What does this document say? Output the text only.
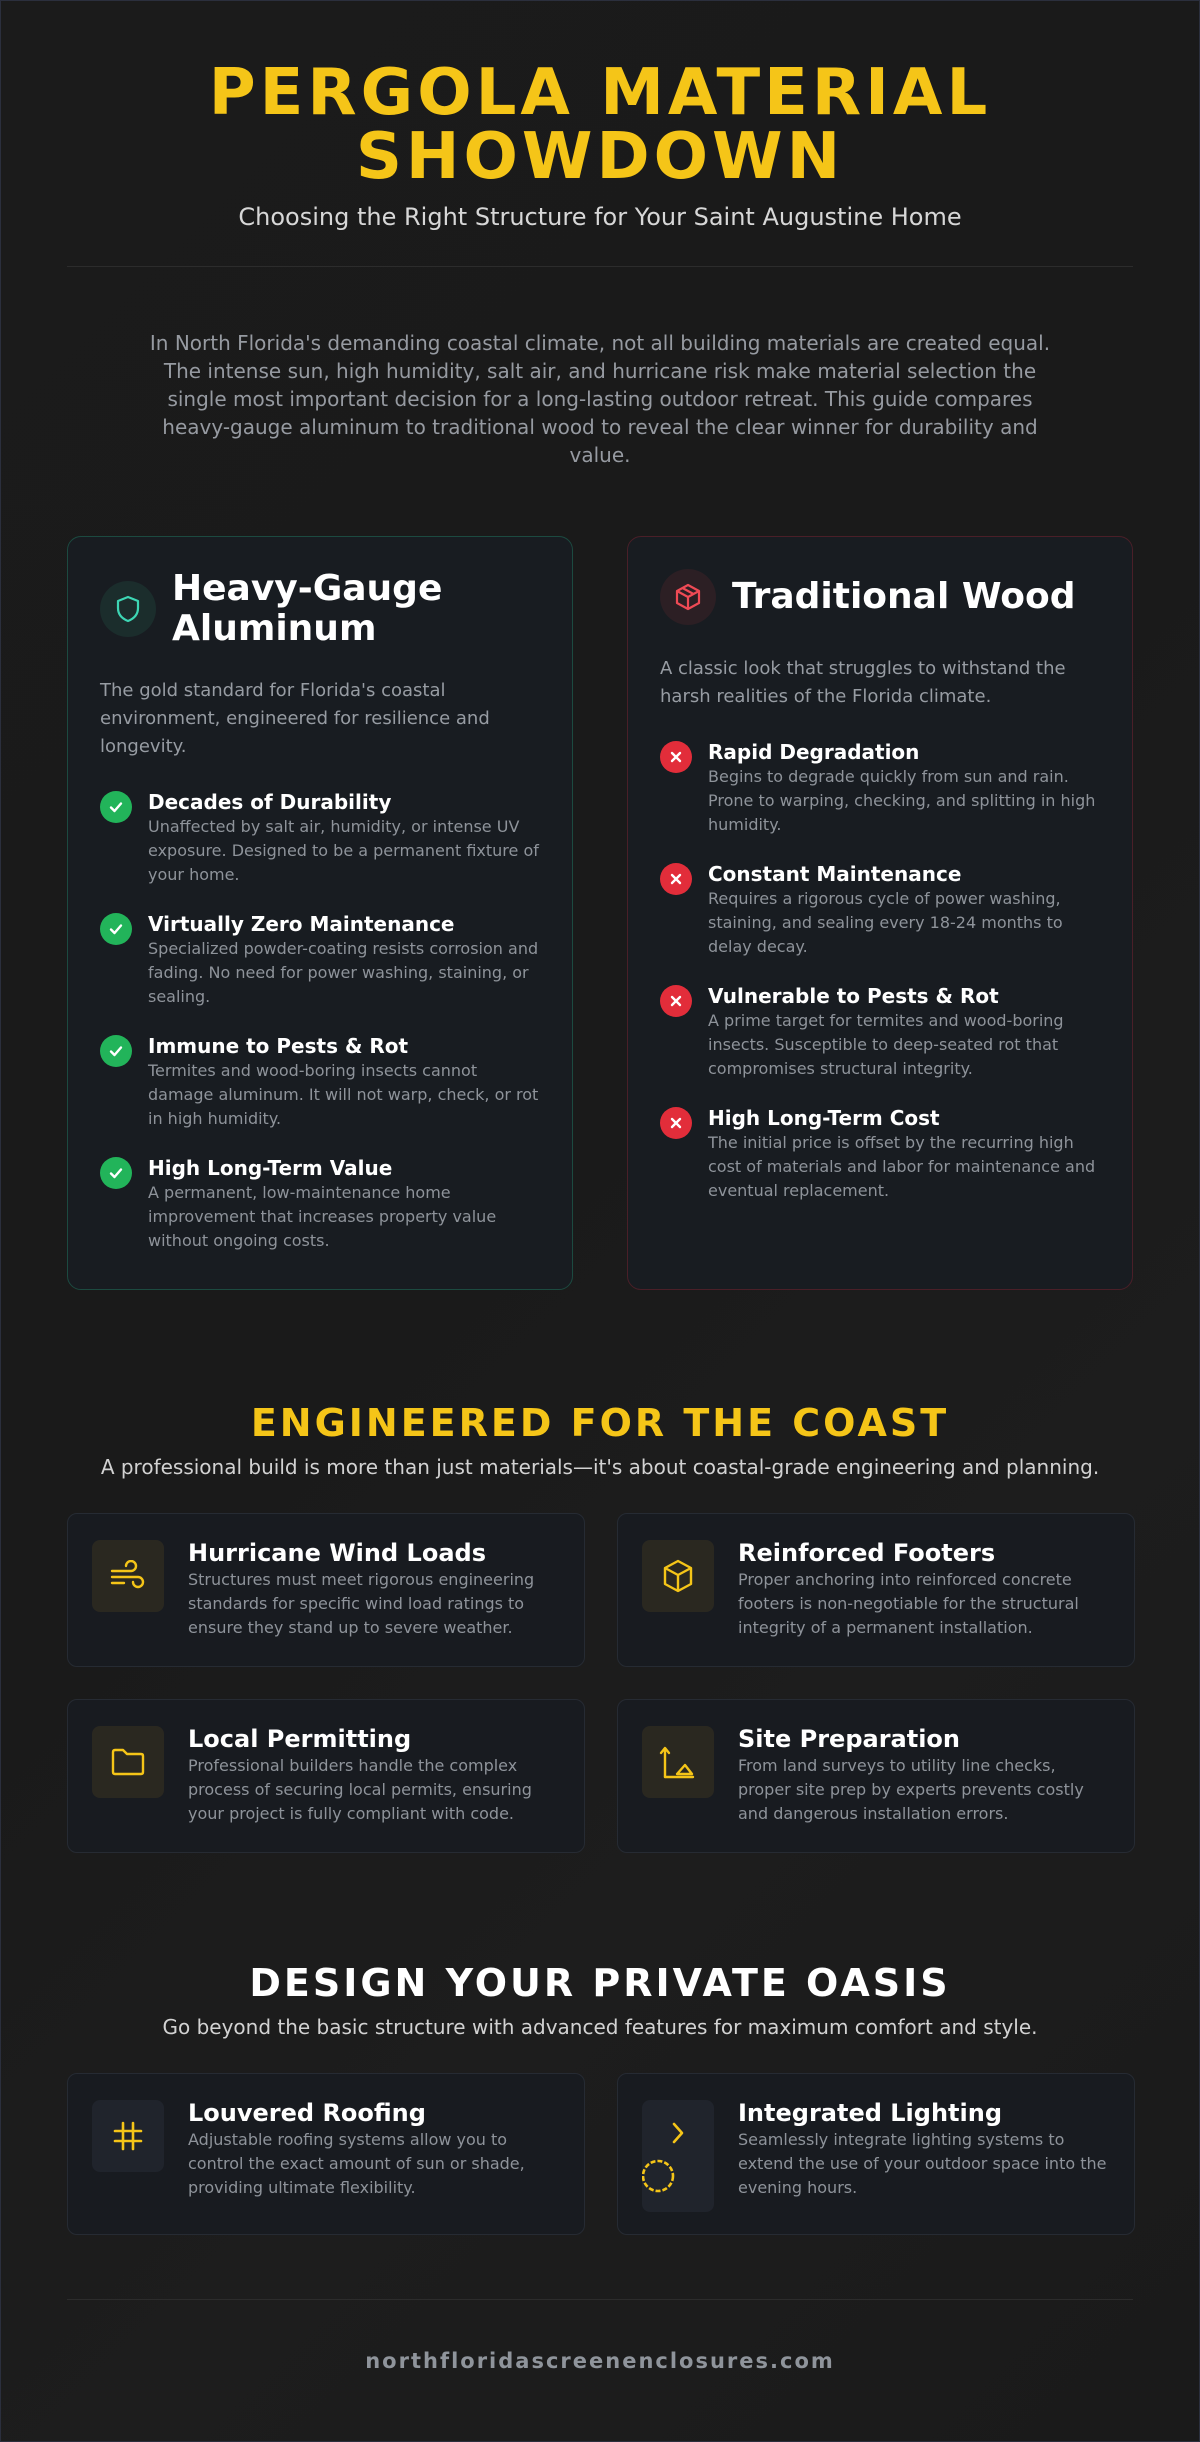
PERGOLA MATERIAL
SHOWDOWN

Choosing the Right Structure for Your Saint Augustine Home

In North Florida's demanding coastal climate, not all building materials are created equal. The intense sun, high humidity, salt air, and hurricane risk make material selection the single most important decision for a long-lasting outdoor retreat. This guide compares heavy-gauge aluminum to traditional wood to reveal the clear winner for durability and value.

Heavy-Gauge Aluminum

The gold standard for Florida's coastal environment, engineered for resilience and longevity.

Decades of Durability
Unaffected by salt air, humidity, or intense UV exposure. Designed to be a permanent fixture of your home.
Virtually Zero Maintenance
Specialized powder-coating resists corrosion and fading. No need for power washing, staining, or sealing.
Immune to Pests & Rot
Termites and wood-boring insects cannot damage aluminum. It will not warp, check, or rot in high humidity.
High Long-Term Value
A permanent, low-maintenance home improvement that increases property value without ongoing costs.
Traditional Wood

A classic look that struggles to withstand the harsh realities of the Florida climate.

Rapid Degradation
Begins to degrade quickly from sun and rain. Prone to warping, checking, and splitting in high humidity.
Constant Maintenance
Requires a rigorous cycle of power washing, staining, and sealing every 18-24 months to delay decay.
Vulnerable to Pests & Rot
A prime target for termites and wood-boring insects. Susceptible to deep-seated rot that compromises structural integrity.
High Long-Term Cost
The initial price is offset by the recurring high cost of materials and labor for maintenance and eventual replacement.
ENGINEERED FOR THE COAST

A professional build is more than just materials—it's about coastal-grade engineering and planning.

Hurricane Wind Loads
Structures must meet rigorous engineering standards for specific wind load ratings to ensure they stand up to severe weather.
Reinforced Footers
Proper anchoring into reinforced concrete footers is non-negotiable for the structural integrity of a permanent installation.
Local Permitting
Professional builders handle the complex process of securing local permits, ensuring your project is fully compliant with code.
Site Preparation
From land surveys to utility line checks, proper site prep by experts prevents costly and dangerous installation errors.
DESIGN YOUR PRIVATE OASIS

Go beyond the basic structure with advanced features for maximum comfort and style.

Louvered Roofing
Adjustable roofing systems allow you to control the exact amount of sun or shade, providing ultimate flexibility.
Integrated Lighting
Seamlessly integrate lighting systems to extend the use of your outdoor space into the evening hours.
northfloridascreenenclosures.com
